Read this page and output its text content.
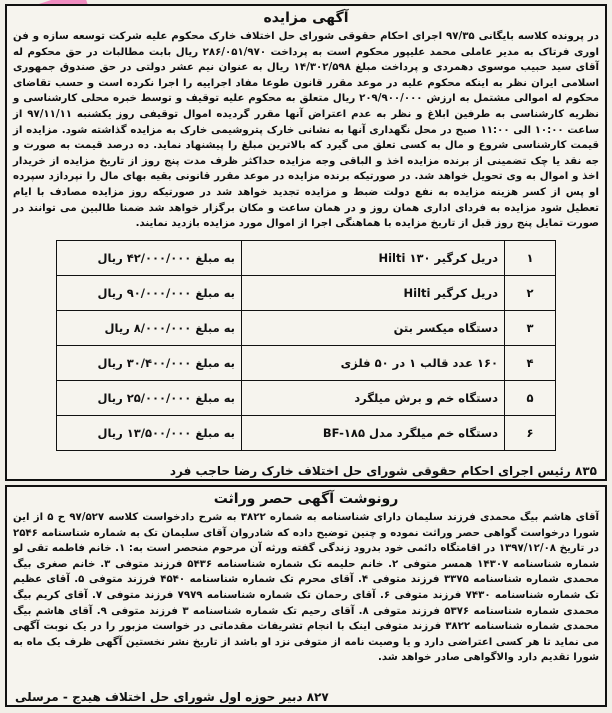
آگهی مزایده
در پرونده کلاسه بایگانی ۹۷/۳۵ اجرای احکام حقوقی شورای حل اختلاف خارک محکوم علیه شرکت توسعه سازه و فن اوری فرتاک به مدیر عاملی محمد علیپور محکوم است به پرداخت ۲۸۶/۰۵۱/۹۷۰ ریال بابت مطالبات در حق محکوم له آقای سید حبیب موسوی دهمردی و پرداخت مبلغ ۱۴/۳۰۲/۵۹۸ ریال به عنوان نیم عشر دولتی در حق صندوق جمهوری اسلامی ایران نظر به اینکه محکوم علیه در موعد مقرر قانون طوعا مفاد اجراییه را اجرا نکرده است و حسب تقاضای محکوم له اموالی مشتمل به ارزش ۲۰۹/۹۰۰/۰۰۰ ریال متعلق به محکوم علیه توقیف و توسط خبره محلی کارشناسی و نظریه کارشناسی به طرفین ابلاغ و نظر به عدم اعتراض آنها مقرر گردیده اموال توقیفی روز یکشنبه ۹۷/۱۱/۱۱ از ساعت ۱۰:۰۰ الی ۱۱:۰۰ صبح در محل نگهداری آنها به نشانی خارک پتروشیمی خارک به مزایده گذاشته شود. مزایده از قیمت کارشناسی شروع و مال به کسی تعلق می گیرد که بالاترین مبلغ را پیشنهاد نماید. ده درصد قیمت به صورت و جه نقد یا چک تضمینی از برنده مزایده اخذ و الباقی وجه مزایده حداکثر ظرف مدت پنج روز از تاریخ مزایده از خریدار اخذ و اموال به وی تحویل خواهد شد. در صورتیکه برنده مزایده در موعد مقرر قانونی بقیه بهای مال را نپردازد سپرده او پس از کسر هزینه مزایده به نفع دولت ضبط و مزایده تجدید خواهد شد در صورتیکه روز مزایده مصادف با ایام تعطیل شود مزایده به فردای اداری همان روز و در همان ساعت و مکان برگزار خواهد شد ضمنا طالبین می توانند در صورت تمایل پنج روز قبل از تاریخ مزایده با هماهنگی اجرا از اموال مورد مزایده بازدید نمایند.
۱	دریل کرگیر ۱۳۰ Hilti	به مبلغ ۴۲/۰۰۰/۰۰۰ ریال
۲	دریل کرگیر Hilti	به مبلغ ۹۰/۰۰۰/۰۰۰ ریال
۳	دستگاه میکسر بتن	به مبلغ ۸/۰۰۰/۰۰۰ ریال
۴	۱۶۰ عدد قالب ۱ در ۵۰ فلزی	به مبلغ ۳۰/۴۰۰/۰۰۰ ریال
۵	دستگاه خم و برش میلگرد	به مبلغ ۲۵/۰۰۰/۰۰۰ ریال
۶	دستگاه خم میلگرد مدل BF-۱۸۵	به مبلغ ۱۳/۵۰۰/۰۰۰ ریال
۸۳۵ رئیس اجرای احکام حقوقی شورای حل اختلاف خارک رضا حاجب فرد
رونوشت آگهی حصر وراثت
آقای هاشم بیگ محمدی فرزند سلیمان دارای شناسنامه به شماره ۳۸۲۲ به شرح دادخواست کلاسه ۹۷/۵۲۷ ح ۵ از این شورا درخواست گواهی حصر وراثت نموده و چنین توضیح داده که شادروان آقای سلیمان تک به شماره شناسنامه ۲۵۴۶ در تاریخ ۱۳۹۷/۱۲/۰۸ در اقامتگاه دائمی خود بدرود زندگی گفته ورثه آن مرحوم منحصر است به: ۱. خانم فاطمه تقی لو شماره شناسنامه ۱۴۳۰۷ همسر متوفی ۲. خانم حلیمه تک شماره شناسنامه ۵۴۳۶ فرزند متوفی ۳. خانم صغری بیگ محمدی شماره شناسنامه ۳۳۷۵ فرزند متوفی ۴. آقای محرم تک شماره شناسنامه ۴۵۴۰ فرزند متوفی ۵. آقای عظیم تک شماره شناسنامه ۷۴۳۰ فرزند متوفی ۶. آقای رحمان تک شماره شناسنامه ۷۹۷۹ فرزند متوفی ۷. آقای کریم بیگ محمدی شماره شناسنامه ۵۳۷۶ فرزند متوفی ۸. آقای رحیم تک شماره شناسنامه ۳ فرزند متوفی ۹. آقای هاشم بیگ محمدی شماره شناسنامه ۳۸۲۲ فرزند متوفی اینک با انجام تشریفات مقدماتی در خواست مزبور را در یک نوبت آگهی می نماید تا هر کسی اعتراضی دارد و یا وصیت نامه از متوفی نزد او باشد از تاریخ نشر نخستین آگهی ظرف یک ماه به شورا تقدیم دارد والاگواهی صادر خواهد شد.
۸۲۷ دبیر حوزه اول شورای حل اختلاف هیدج - مرسلی
